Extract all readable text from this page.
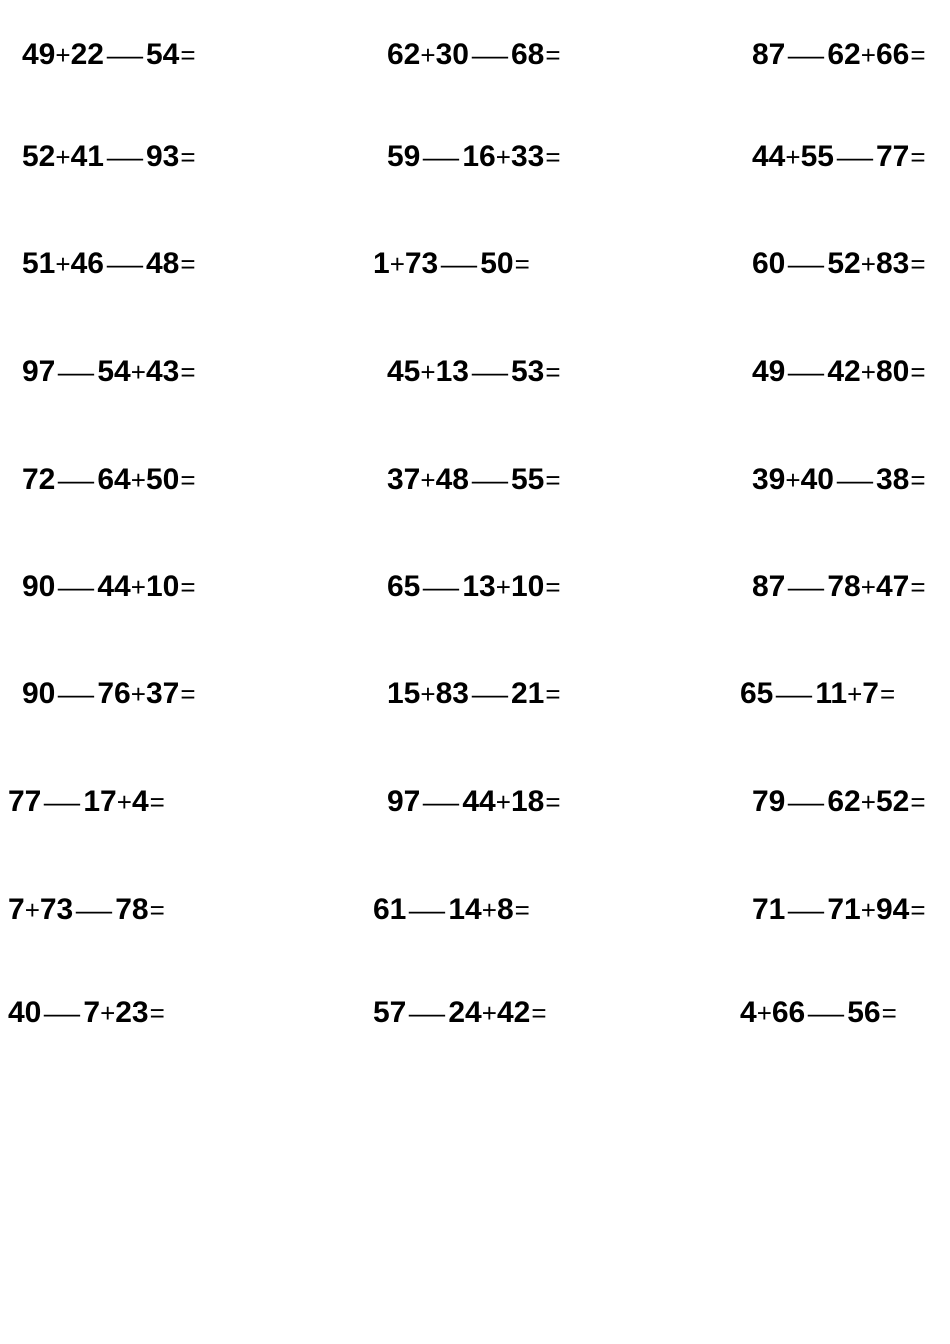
49+22 —54=	62+30 —68=	87 —62+66=
52+41 —93=	59 —16+33=	44+55 —77=
51+46 —48=	1+73 —50=	60 —52+83=
97 —54+43=	45+13 —53=	49 —42+80=
72 —64+50=	37+48 —55=	39+40 —38=
90 —44+10=	65 —13+10=	87 —78+47=
90 —76+37=	15+83 —21=	65 —11+7=
77 —17+4=	97 —44+18=	79 —62+52=
7+73 —78=	61 —14+8=	71 —71+94=
40 —7+23=	57 —24+42=	4+66 —56=
